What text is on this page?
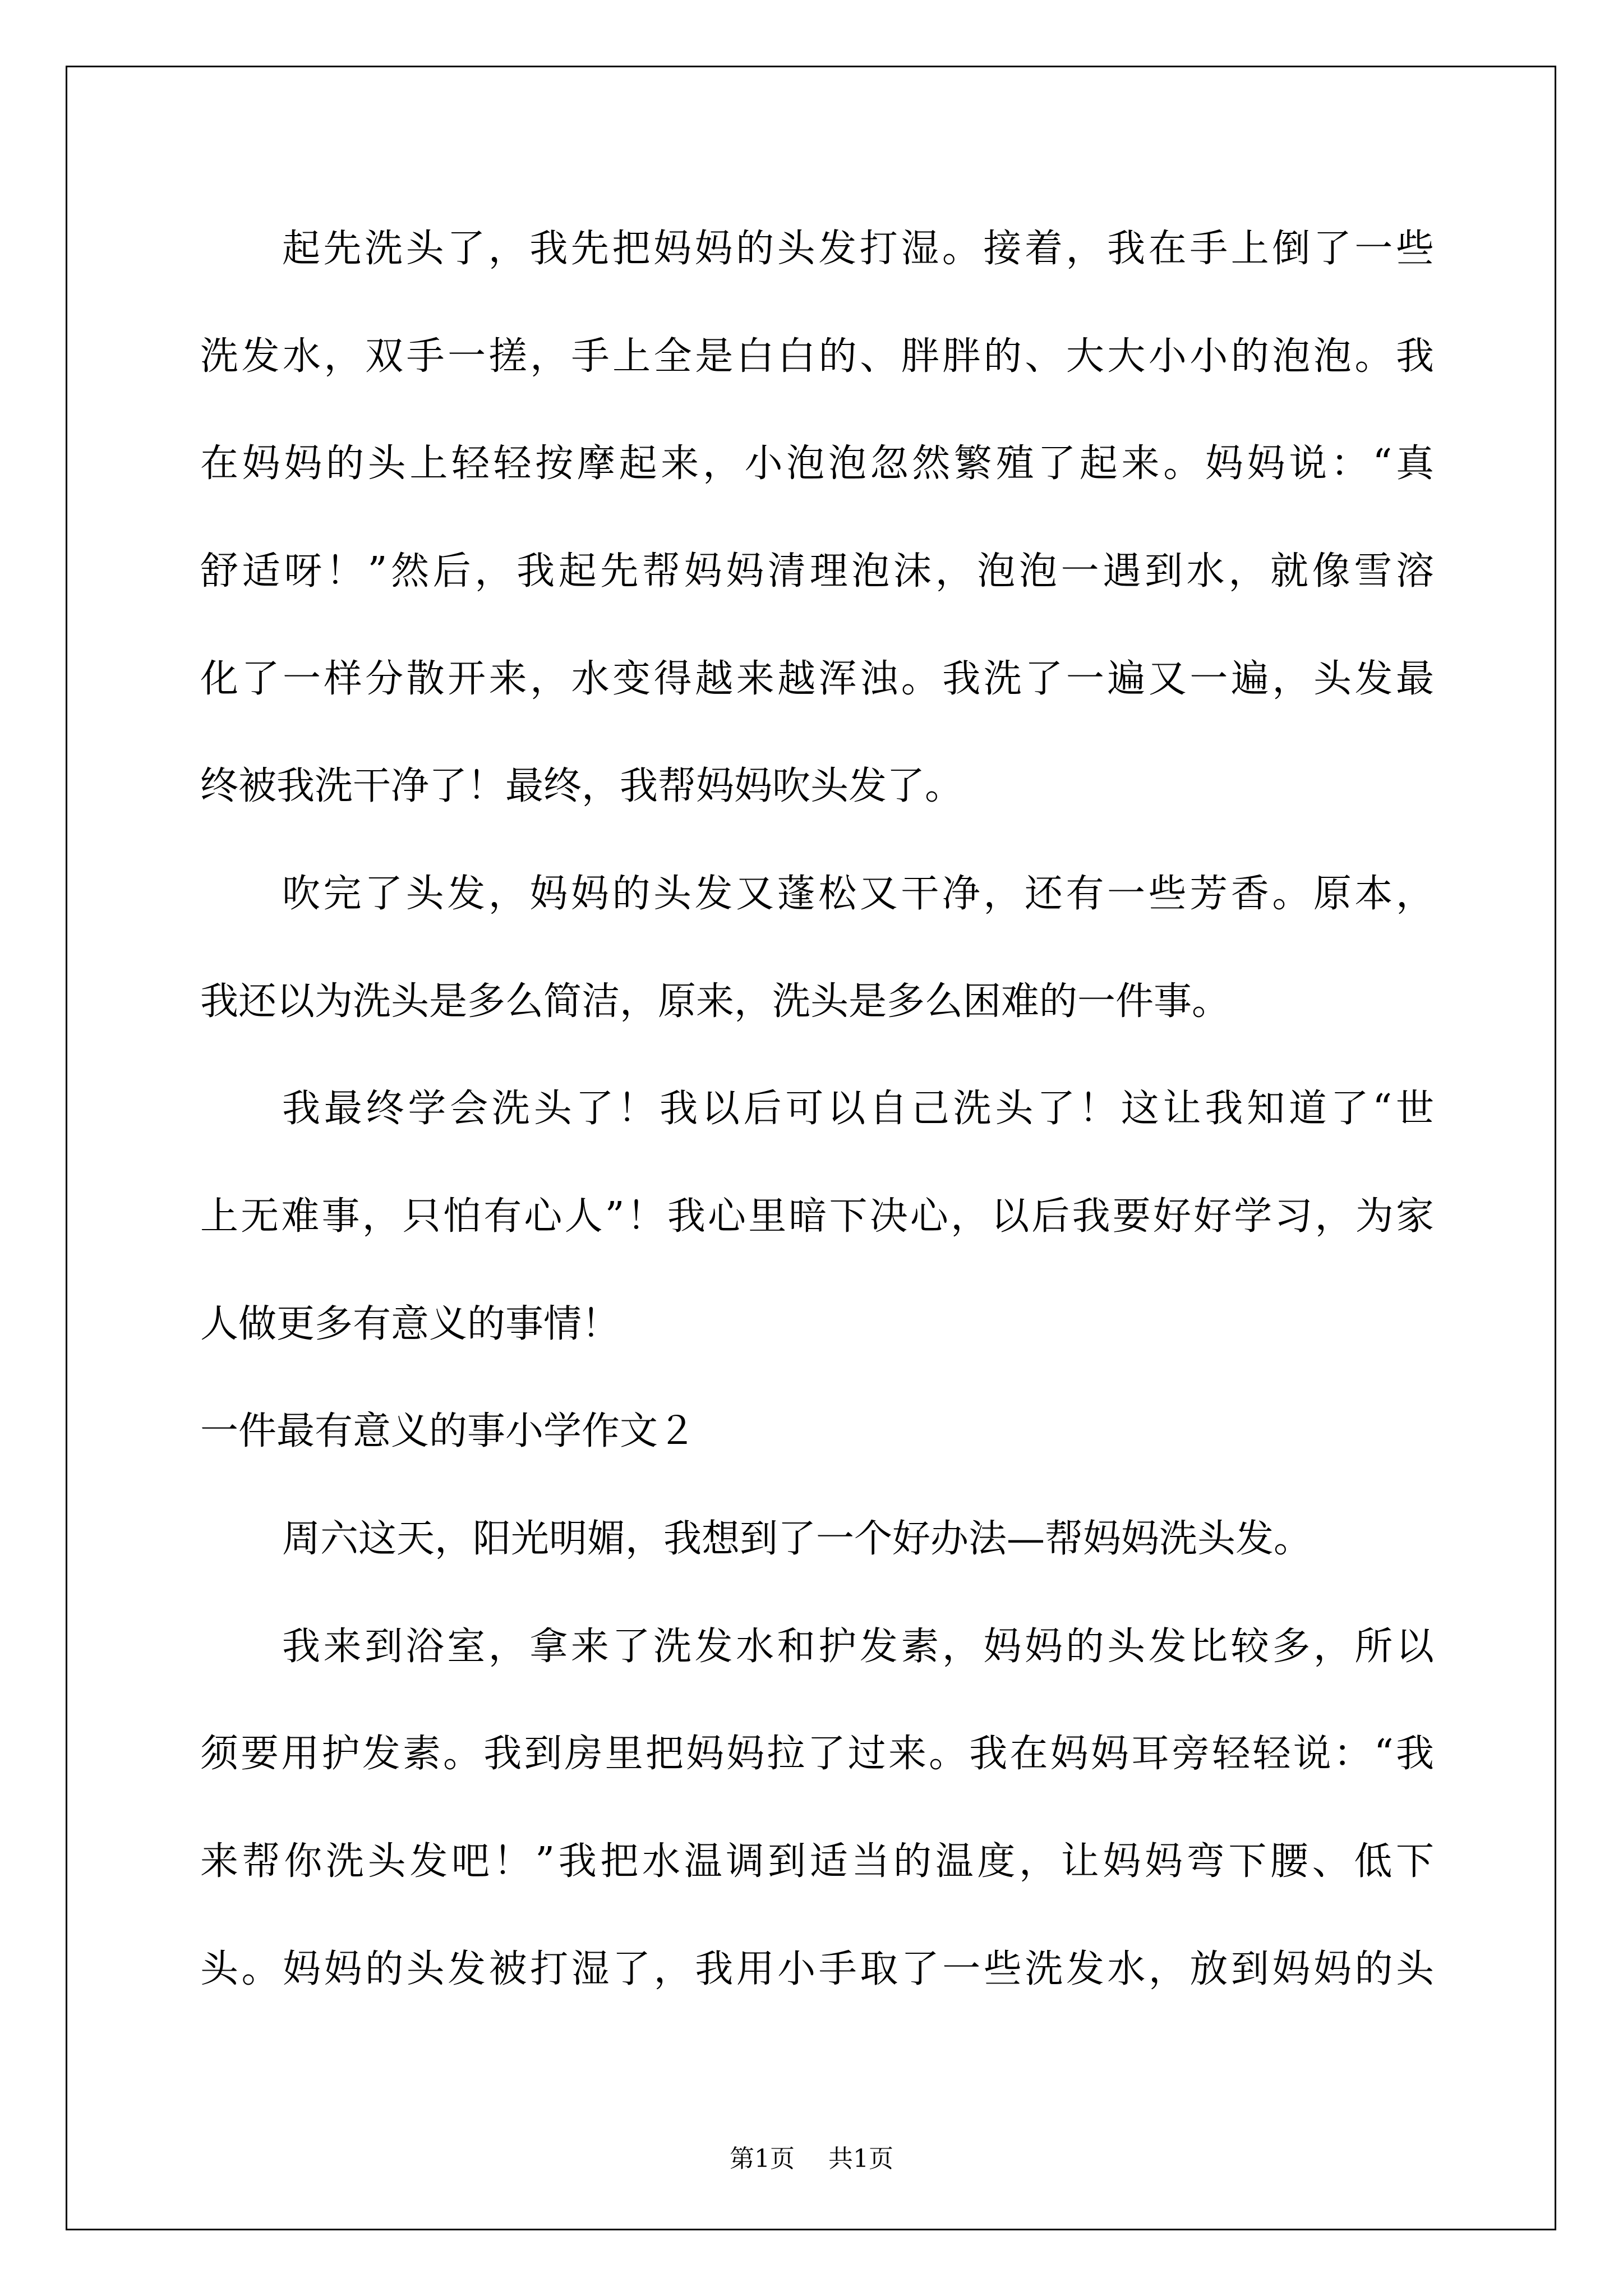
起先洗头了，我先把妈妈的头发打湿。接着，我在手上倒了一些
洗发水，双手一搓，手上全是白白的、胖胖的、大大小小的泡泡。我
在妈妈的头上轻轻按摩起来，小泡泡忽然繁殖了起来。妈妈说：“真
舒适呀！”然后，我起先帮妈妈清理泡沫，泡泡一遇到水，就像雪溶
化了一样分散开来，水变得越来越浑浊。我洗了一遍又一遍，头发最
终被我洗干净了！最终，我帮妈妈吹头发了。
吹完了头发，妈妈的头发又蓬松又干净，还有一些芳香。原本，
我还以为洗头是多么简洁，原来，洗头是多么困难的一件事。
我最终学会洗头了！我以后可以自己洗头了！这让我知道了“世
上无难事，只怕有心人”！我心里暗下决心，以后我要好好学习，为家
人做更多有意义的事情！
一件最有意义的事小学作文２
周六这天，阳光明媚，我想到了一个好办法—帮妈妈洗头发。
我来到浴室，拿来了洗发水和护发素，妈妈的头发比较多，所以
须要用护发素。我到房里把妈妈拉了过来。我在妈妈耳旁轻轻说：“我
来帮你洗头发吧！”我把水温调到适当的温度，让妈妈弯下腰、低下
头。妈妈的头发被打湿了，我用小手取了一些洗发水，放到妈妈的头
第1页 共1页
